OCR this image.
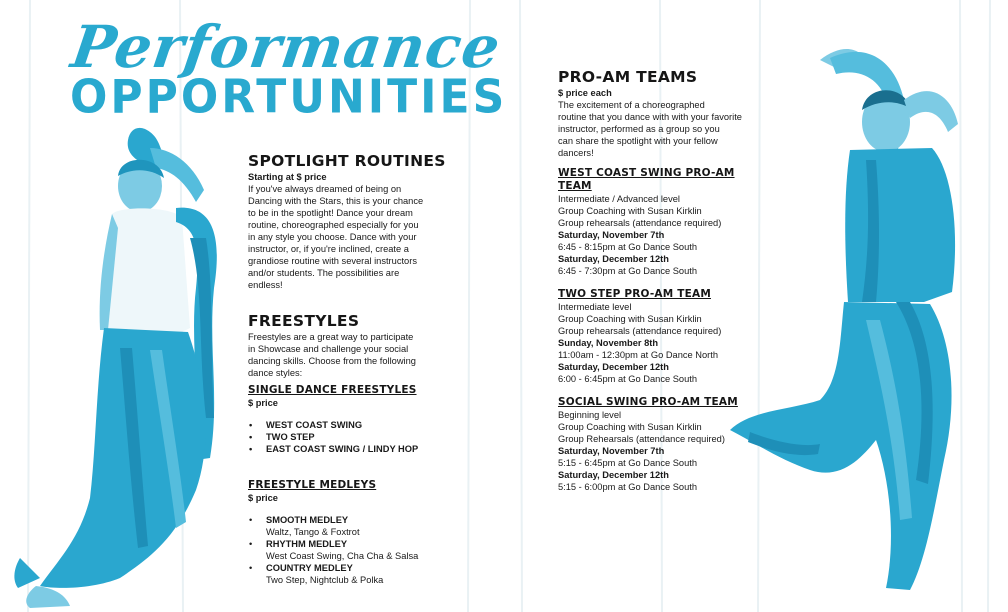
Performance
OPPORTUNITIES
SPOTLIGHT ROUTINES
Starting at $ price
If you've always dreamed of being on
Dancing with the Stars, this is your chance
to be in the spotlight! Dance your dream
routine, choreographed especially for you
in any style you choose. Dance with your
instructor, or, if you're inclined, create a
grandiose routine with several instructors
and/or students. The possibilities are
endless!
FREESTYLES
Freestyles are a great way to participate
in Showcase and challenge your social
dancing skills. Choose from the following
dance styles:
SINGLE DANCE FREESTYLES
$ price
• WEST COAST SWING
• TWO STEP
• EAST COAST SWING / LINDY HOP
FREESTYLE MEDLEYS
$ price
• SMOOTH MEDLEY
Waltz, Tango & Foxtrot
• RHYTHM MEDLEY
West Coast Swing, Cha Cha & Salsa
• COUNTRY MEDLEY
Two Step, Nightclub & Polka
PRO-AM TEAMS
$ price each
The excitement of a choreographed
routine that you dance with with your favorite
instructor, performed as a group so you
can share the spotlight with your fellow
dancers!
WEST COAST SWING PRO-AM TEAM
Intermediate / Advanced level
Group Coaching with Susan Kirklin
Group rehearsals (attendance required)
Saturday, November 7th
6:45 - 8:15pm at Go Dance South
Saturday, December 12th
6:45 - 7:30pm at Go Dance South
TWO STEP PRO-AM TEAM
Intermediate level
Group Coaching with Susan Kirklin
Group rehearsals (attendance required)
Sunday, November 8th
11:00am - 12:30pm at Go Dance North
Saturday, December 12th
6:00 - 6:45pm at Go Dance South
SOCIAL SWING PRO-AM TEAM
Beginning level
Group Coaching with Susan Kirklin
Group Rehearsals (attendance required)
Saturday, November 7th
5:15 - 6:45pm at Go Dance South
Saturday, December 12th
5:15 - 6:00pm at Go Dance South
